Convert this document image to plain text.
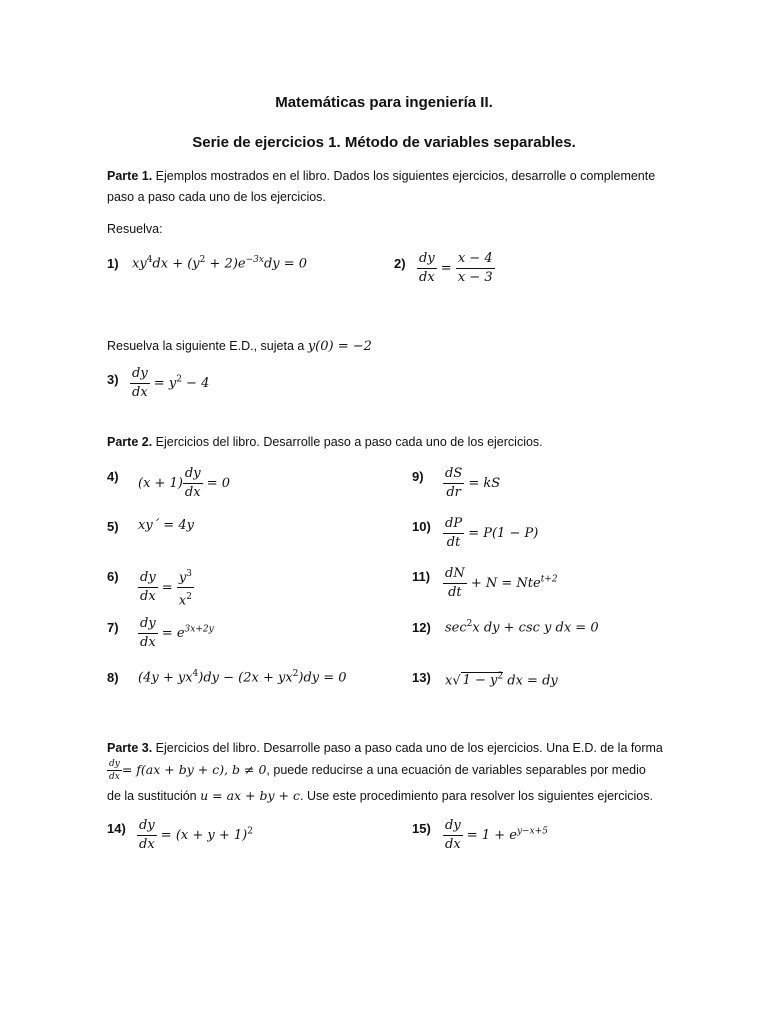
Matemáticas para ingeniería II.
Serie de ejercicios 1. Método de variables separables.
Parte 1. Ejemplos mostrados en el libro. Dados los siguientes ejercicios, desarrolle o complemente
paso a paso cada uno de los ejercicios.
Resuelva:
1) $xy^4dx + (y^2 + 2)e^{-3x}dy = 0$	$2) \frac{dy}{dx} = \frac{x - 4}{x - 3}$
Resuelva la siguiente E.D., sujeta a y(0) = −2
$3) \frac{dy}{dx} = y^2 - 4$
Parte 2. Ejercicios del libro. Desarrolle paso a paso cada uno de los ejercicios.
4) $(x + 1) \frac{dy}{dx} = 0$
5) xy´ = 4y
$6) \frac{dy}{dx} = \frac{y^3}{x^2}$
$7) \frac{dy}{dx} = e^{3x+2y}$
8) $(4y + yx^4)dy - (2x + yx^2)dy = 0$
$9) \frac{dS}{dr}$ = kS
$10) \frac{dP}{dt} = P(1 - P)$
$11) \frac{dN}{dt} + N = Nte^{t+2}$
12) $\sec^2x$ dy + csc y dx = 0
13) x√ $1 - y^2$ dx = dy
Parte 3. Ejercicios del libro. Desarrolle paso a paso cada uno de los ejercicios. Una E.D. de la forma
$\frac{dy}{dx} = f(ax$ + by + c), b ≠ 0, puede reducirse a una ecuación de variables separables por medio
de la sustitución u = ax + by + c. Use este procedimiento para resolver los siguientes ejercicios.
$14) \frac{dy}{dx} = (x + y + 1)^2$	$15) \frac{dy}{dx} = 1 + e^{y-x+5}$
